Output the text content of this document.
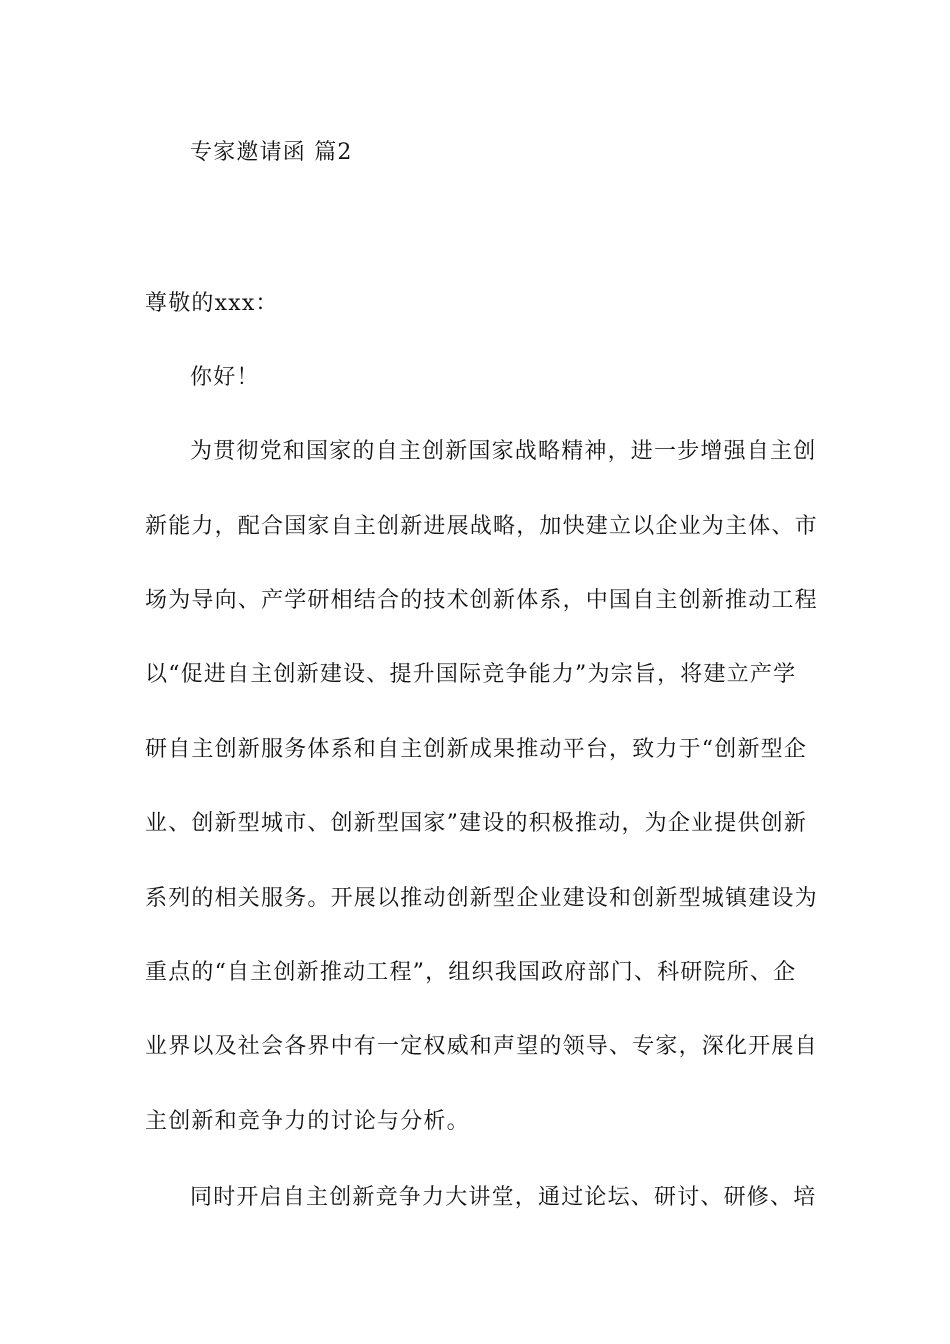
专家邀请函 篇2
尊敬的xxx：
你好！
为贯彻党和国家的自主创新国家战略精神，进一步增强自主创
新能力，配合国家自主创新进展战略，加快建立以企业为主体、市
场为导向、产学研相结合的技术创新体系，中国自主创新推动工程
以“促进自主创新建设、提升国际竞争能力”为宗旨，将建立产学
研自主创新服务体系和自主创新成果推动平台，致力于“创新型企
业、创新型城市、创新型国家”建设的积极推动，为企业提供创新
系列的相关服务。开展以推动创新型企业建设和创新型城镇建设为
重点的“自主创新推动工程”，组织我国政府部门、科研院所、企
业界以及社会各界中有一定权威和声望的领导、专家，深化开展自
主创新和竞争力的讨论与分析。
同时开启自主创新竞争力大讲堂，通过论坛、研讨、研修、培
